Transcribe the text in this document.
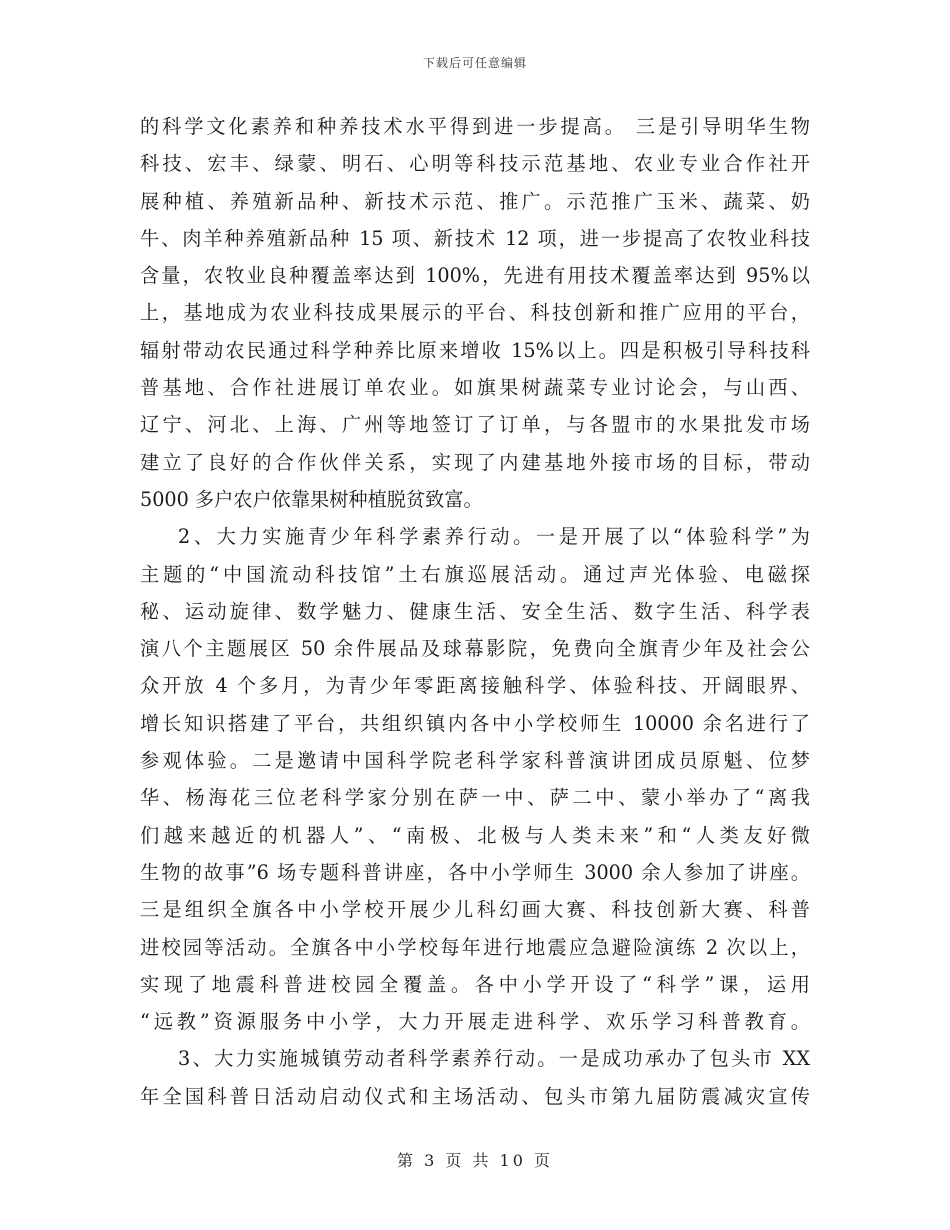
下载后可任意编辑
的科学文化素养和种养技术水平得到进一步提高。 三是引导明华生物
科技、宏丰、绿蒙、明石、心明等科技示范基地、农业专业合作社开
展种植、养殖新品种、新技术示范、推广。示范推广玉米、蔬菜、奶
牛、肉羊种养殖新品种 15 项、新技术 12 项，进一步提高了农牧业科技
含量，农牧业良种覆盖率达到 100%，先进有用技术覆盖率达到 95%以
上，基地成为农业科技成果展示的平台、科技创新和推广应用的平台，
辐射带动农民通过科学种养比原来增收 15%以上。四是积极引导科技科
普基地、合作社进展订单农业。如旗果树蔬菜专业讨论会，与山西、
辽宁、河北、上海、广州等地签订了订单，与各盟市的水果批发市场
建立了良好的合作伙伴关系，实现了内建基地外接市场的目标，带动
5000 多户农户依靠果树种植脱贫致富。
2、大力实施青少年科学素养行动。一是开展了以“体验科学”为
主题的“中国流动科技馆”土右旗巡展活动。通过声光体验、电磁探
秘、运动旋律、数学魅力、健康生活、安全生活、数字生活、科学表
演八个主题展区 50 余件展品及球幕影院，免费向全旗青少年及社会公
众开放 4 个多月，为青少年零距离接触科学、体验科技、开阔眼界、
增长知识搭建了平台，共组织镇内各中小学校师生 10000 余名进行了
参观体验。二是邀请中国科学院老科学家科普演讲团成员原魁、位梦
华、杨海花三位老科学家分别在萨一中、萨二中、蒙小举办了“离我
们越来越近的机器人”、“南极、北极与人类未来”和“人类友好微
生物的故事”6 场专题科普讲座，各中小学师生 3000 余人参加了讲座。
三是组织全旗各中小学校开展少儿科幻画大赛、科技创新大赛、科普
进校园等活动。全旗各中小学校每年进行地震应急避险演练 2 次以上，
实现了地震科普进校园全覆盖。各中小学开设了“科学”课，运用
“远教”资源服务中小学，大力开展走进科学、欢乐学习科普教育。
3、大力实施城镇劳动者科学素养行动。一是成功承办了包头市 XX
年全国科普日活动启动仪式和主场活动、包头市第九届防震减灾宣传
第 3 页 共 10 页
